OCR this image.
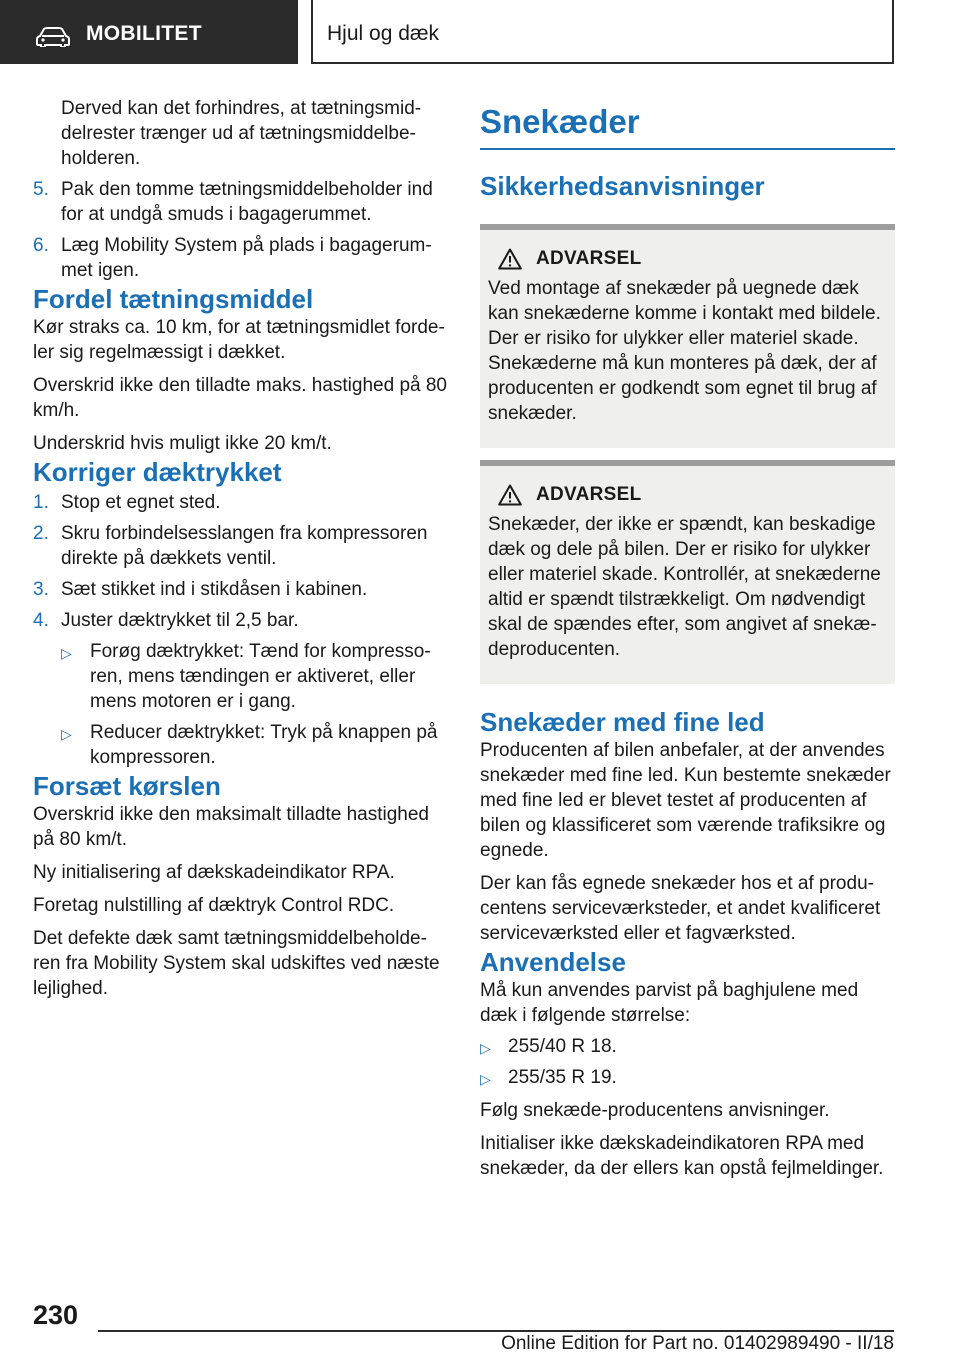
MOBILITET	Hjul og dæk

Derved kan det forhindres, at tætningsmiddelrester trænger ud af tætningsmiddelbeholderen.

5. Pak den tomme tætningsmiddelbeholder ind for at undgå smuds i bagagerummet.

6. Læg Mobility System på plads i bagagerummet igen.

Fordel tætningsmiddel

Kør straks ca. 10 km, for at tætningsmidlet fordeler sig regelmæssigt i dækket.

Overskrid ikke den tilladte maks. hastighed på 80 km/h.

Underskrid hvis muligt ikke 20 km/t.

Korriger dæktrykket
1. Stop et egnet sted.

2. Skru forbindelsesslangen fra kompressoren direkte på dækkets ventil.

3. Sæt stikket ind i stikdåsen i kabinen.

4. Juster dæktrykket til 2,5 bar.

▷ Forøg dæktrykket: Tænd for kompressoren, mens tændingen er aktiveret, eller mens motoren er i gang.

▷ Reducer dæktrykket: Tryk på knappen på kompressoren.

Forsæt kørslen

Overskrid ikke den maksimalt tilladte hastighed på 80 km/t.

Ny initialisering af dækskadeindikator RPA.

Foretag nulstilling af dæktryk Control RDC.

Det defekte dæk samt tætningsmiddelbeholderen fra Mobility System skal udskiftes ved næste lejlighed.

Snekæder
Sikkerhedsanvisninger
ADVARSEL

Ved montage af snekæder på uegnede dæk kan snekæderne komme i kontakt med bildele. Der er risiko for ulykker eller materiel skade. Snekæderne må kun monteres på dæk, der af producenten er godkendt som egnet til brug af snekæder.

ADVARSEL

Snekæder, der ikke er spændt, kan beskadige dæk og dele på bilen. Der er risiko for ulykker eller materiel skade. Kontrollér, at snekæderne altid er spændt tilstrækkeligt. Om nødvendigt skal de spændes efter, som angivet af snekædeproducenten.

Snekæder med fine led

Producenten af bilen anbefaler, at der anvendes snekæder med fine led. Kun bestemte snekæder med fine led er blevet testet af producenten af bilen og klassificeret som værende trafiksikre og egnede.

Der kan fås egnede snekæder hos et af producentens serviceværksteder, et andet kvalificeret serviceværksted eller et fagværksted.

Anvendelse

Må kun anvendes parvist på baghjulene med dæk i følgende størrelse:

▷ 255/40 R 18.

▷ 255/35 R 19.

Følg snekæde-producentens anvisninger.

Initialiser ikke dækskadeindikatoren RPA med snekæder, da der ellers kan opstå fejlmeldinger.

230
Online Edition for Part no. 01402989490 - II/18
